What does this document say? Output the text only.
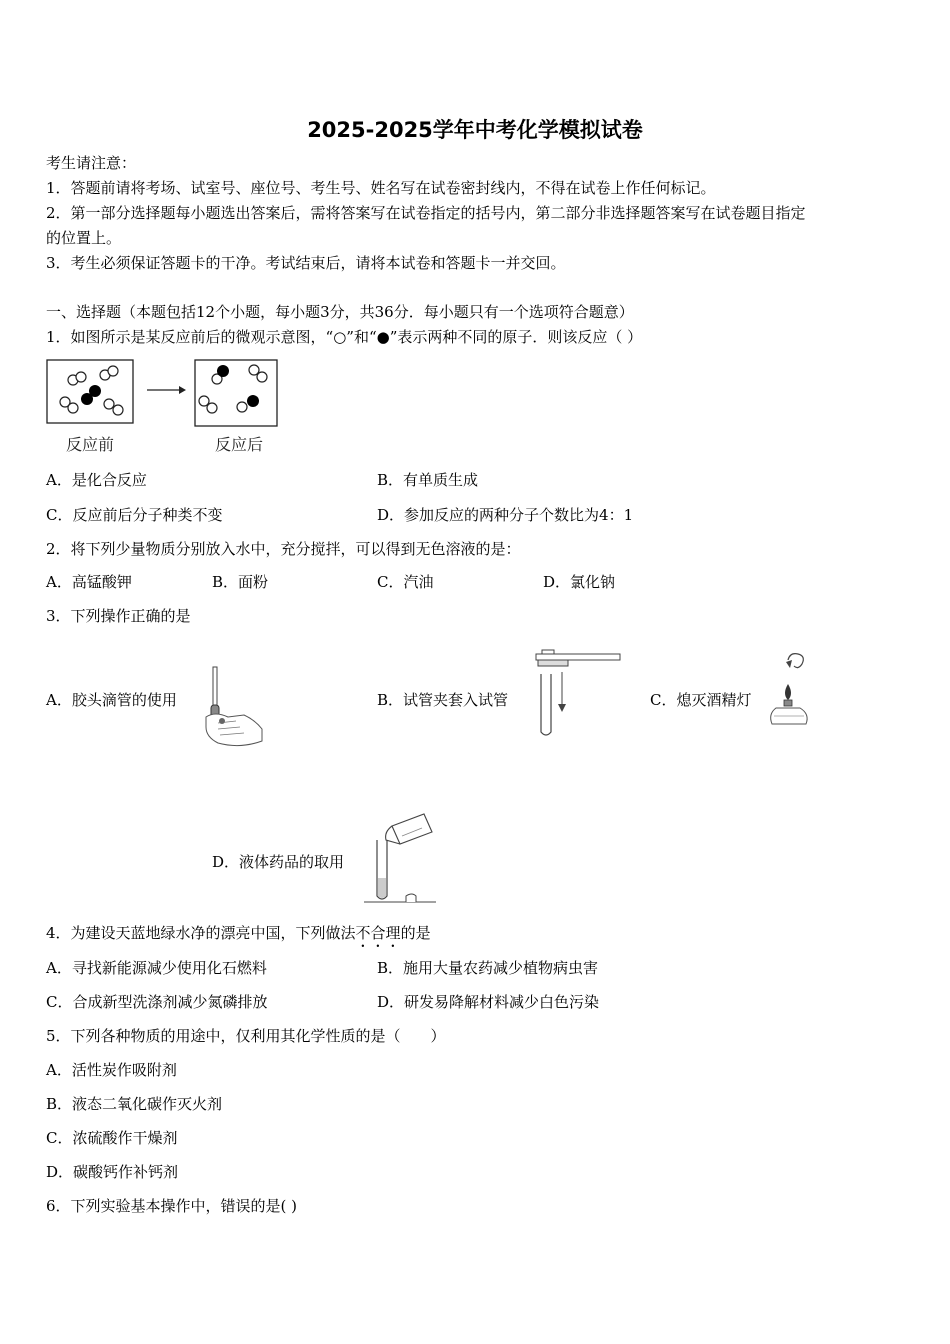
2025-2025学年中考化学模拟试卷
考生请注意：
1．答题前请将考场、试室号、座位号、考生号、姓名写在试卷密封线内，不得在试卷上作任何标记。
2．第一部分选择题每小题选出答案后，需将答案写在试卷指定的括号内，第二部分非选择题答案写在试卷题目指定
的位置上。
3．考生必须保证答题卡的干净。考试结束后，请将本试卷和答题卡一并交回。
一、选择题（本题包括12个小题，每小题3分，共36分．每小题只有一个选项符合题意）
1．如图所示是某反应前后的微观示意图，“○”和“●”表示两种不同的原子．则该反应（ ）
反应前	反应后
A．是化合反应	B．有单质生成
C．反应前后分子种类不变	D．参加反应的两种分子个数比为4：1
2．将下列少量物质分别放入水中，充分搅拌，可以得到无色溶液的是：
A．高锰酸钾	B．面粉	C．汽油	D．氯化钠
3．下列操作正确的是
A．胶头滴管的使用	B．试管夹套入试管	C．熄灭酒精灯
D．液体药品的取用
4．为建设天蓝地绿水净的漂亮中国，下列做法不合理的是
A．寻找新能源减少使用化石燃料	B．施用大量农药减少植物病虫害
C．合成新型洗涤剂减少氮磷排放	D．研发易降解材料减少白色污染
5．下列各种物质的用途中，仅利用其化学性质的是（　　）
A．活性炭作吸附剂
B．液态二氧化碳作灭火剂
C．浓硫酸作干燥剂
D．碳酸钙作补钙剂
6．下列实验基本操作中，错误的是( )
